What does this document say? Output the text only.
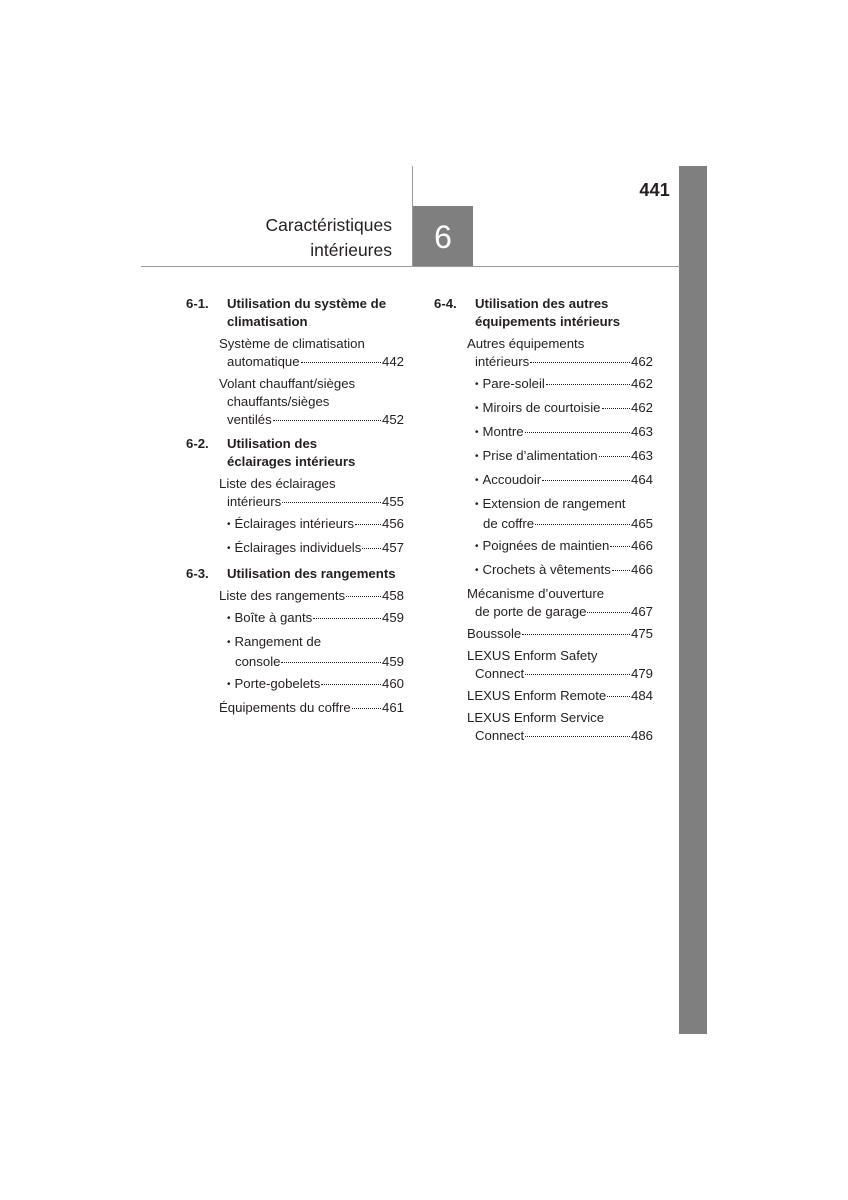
441
Caractéristiques
intérieures	6
6-1. Utilisation du système de
climatisation
Système de climatisation
automatique	442
Volant chauffant/sièges
chauffants/sièges
ventilés	452
6-2. Utilisation des
éclairages intérieurs
Liste des éclairages
intérieurs	455
• Éclairages intérieurs 456
• Éclairages individuels 457
6-3.	Utilisation des rangements
Liste des rangements	458
• Boîte à gants	459
• Rangement de
console	459
• Porte-gobelets	460
Équipements du coffre 461
6-4. Utilisation des autres
équipements intérieurs
Autres équipements
intérieurs	462
• Pare-soleil	462
• Miroirs de courtoisie 462
• Montre	463
• Prise d’alimentation	463
• Accoudoir	464
• Extension de rangement
de coffre	465
• Poignées de maintien 466
• Crochets à vêtements 466
Mécanisme d’ouverture
de porte de garage	467
Boussole	475
LEXUS Enform Safety
Connect	479
LEXUS Enform Remote 484
LEXUS Enform Service
Connect	486
